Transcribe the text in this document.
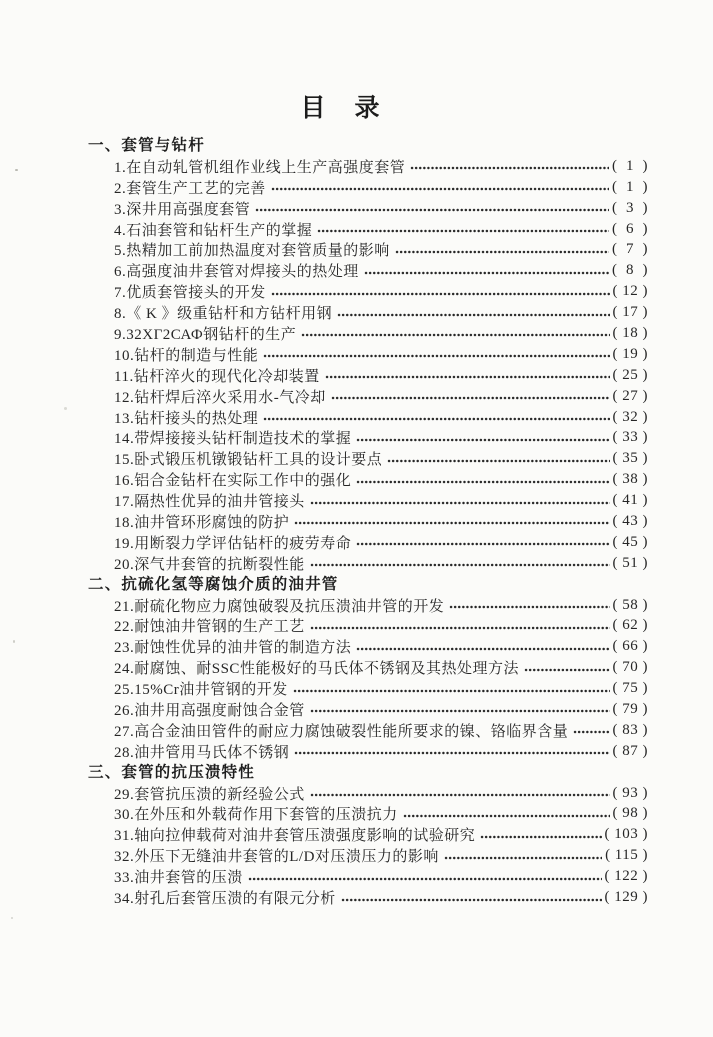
目　录
一、套管与钻杆
1.在自动轧管机组作业线上生产高强度套管	(  1  )
2.套管生产工艺的完善	(  1  )
3.深井用高强度套管	(  3  )
4.石油套管和钻杆生产的掌握	(  6  )
5.热精加工前加热温度对套管质量的影响	(  7  )
6.高强度油井套管对焊接头的热处理	(  8  )
7.优质套管接头的开发	( 12 )
8.《 K 》级重钻杆和方钻杆用钢	( 17 )
9.32ХГ2САФ钢钻杆的生产	( 18 )
10.钻杆的制造与性能	( 19 )
11.钻杆淬火的现代化冷却装置	( 25 )
12.钻杆焊后淬火采用水-气冷却	( 27 )
13.钻杆接头的热处理	( 32 )
14.带焊接接头钻杆制造技术的掌握	( 33 )
15.卧式锻压机镦锻钻杆工具的设计要点	( 35 )
16.铝合金钻杆在实际工作中的强化	( 38 )
17.隔热性优异的油井管接头	( 41 )
18.油井管环形腐蚀的防护	( 43 )
19.用断裂力学评估钻杆的疲劳寿命	( 45 )
20.深气井套管的抗断裂性能	( 51 )
二、抗硫化氢等腐蚀介质的油井管
21.耐硫化物应力腐蚀破裂及抗压溃油井管的开发	( 58 )
22.耐蚀油井管钢的生产工艺	( 62 )
23.耐蚀性优异的油井管的制造方法	( 66 )
24.耐腐蚀、耐SSC性能极好的马氏体不锈钢及其热处理方法	( 70 )
25.15%Cr油井管钢的开发	( 75 )
26.油井用高强度耐蚀合金管	( 79 )
27.高合金油田管件的耐应力腐蚀破裂性能所要求的镍、铬临界含量	( 83 )
28.油井管用马氏体不锈钢	( 87 )
三、套管的抗压溃特性
29.套管抗压溃的新经验公式	( 93 )
30.在外压和外载荷作用下套管的压溃抗力	( 98 )
31.轴向拉伸载荷对油井套管压溃强度影响的试验研究	( 103 )
32.外压下无缝油井套管的L/D对压溃压力的影响	( 115 )
33.油井套管的压溃	( 122 )
34.射孔后套管压溃的有限元分析	( 129 )
